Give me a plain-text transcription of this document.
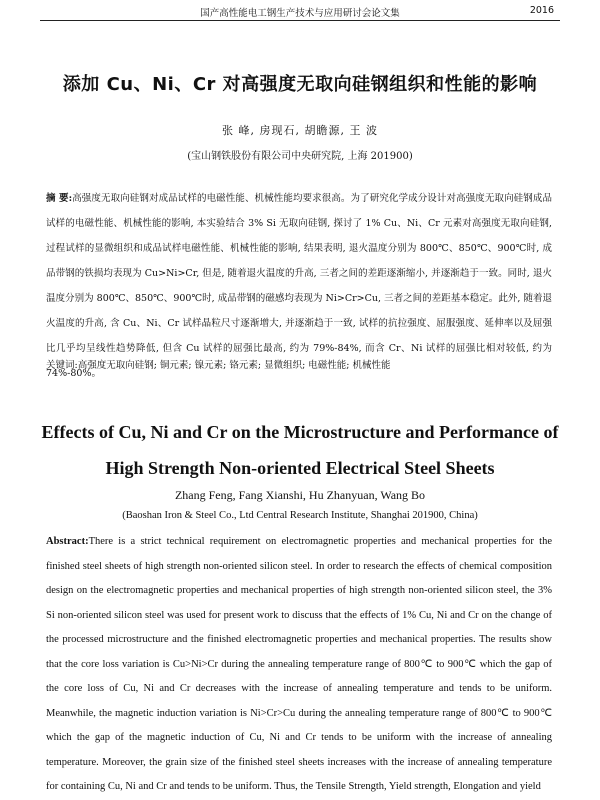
国产高性能电工钢生产技术与应用研讨会论文集	2016
添加 Cu、Ni、Cr 对高强度无取向硅钢组织和性能的影响
张 峰, 房现石, 胡瞻源, 王 波
(宝山钢铁股份有限公司中央研究院, 上海 201900)
摘 要:高强度无取向硅钢对成品试样的电磁性能、机械性能均要求很高。为了研究化学成分设计对高强度无取向硅钢成品试样的电磁性能、机械性能的影响, 本实验结合 3% Si 无取向硅钢, 探讨了 1% Cu、Ni、Cr 元素对高强度无取向硅钢, 过程试样的显微组织和成品试样电磁性能、机械性能的影响, 结果表明, 退火温度分别为 800℃、850℃、900℃时, 成品带钢的铁损均表现为 Cu>Ni>Cr, 但是, 随着退火温度的升高, 三者之间的差距逐渐缩小, 并逐渐趋于一致。同时, 退火温度分别为 800℃、850℃、900℃时, 成品带钢的磁感均表现为 Ni>Cr>Cu, 三者之间的差距基本稳定。此外, 随着退火温度的升高, 含 Cu、Ni、Cr 试样晶粒尺寸逐渐增大, 并逐渐趋于一致, 试样的抗拉强度、屈服强度、延伸率以及屈强比几乎均呈线性趋势降低, 但含 Cu 试样的屈强比最高, 约为 79%-84%, 而含 Cr、Ni 试样的屈强比相对较低, 约为 74%-80%。
关键词:高强度无取向硅钢; 铜元素; 镍元素; 铬元素; 显微组织; 电磁性能; 机械性能
Effects of Cu, Ni and Cr on the Microstructure and Performance of High Strength Non-oriented Electrical Steel Sheets
Zhang Feng, Fang Xianshi, Hu Zhanyuan, Wang Bo
(Baoshan Iron & Steel Co., Ltd Central Research Institute, Shanghai 201900, China)
Abstract:There is a strict technical requirement on electromagnetic properties and mechanical properties for the finished steel sheets of high strength non-oriented silicon steel. In order to research the effects of chemical composition design on the electromagnetic properties and mechanical properties of high strength non-oriented silicon steel, the 3% Si non-oriented silicon steel was used for present work to discuss that the effects of 1% Cu, Ni and Cr on the change of the processed microstructure and the finished electromagnetic properties and mechanical properties. The results show that the core loss variation is Cu>Ni>Cr during the annealing temperature range of 800℃ to 900℃ which the gap of the core loss of Cu, Ni and Cr decreases with the increase of annealing temperature and tends to be uniform. Meanwhile, the magnetic induction variation is Ni>Cr>Cu during the annealing temperature range of 800℃ to 900℃ which the gap of the magnetic induction of Cu, Ni and Cr tends to be uniform with the increase of annealing temperature. Moreover, the grain size of the finished steel sheets increases with the increase of annealing temperature for containing Cu, Ni and Cr and tends to be uniform. Thus, the Tensile Strength, Yield strength, Elongation and yield
